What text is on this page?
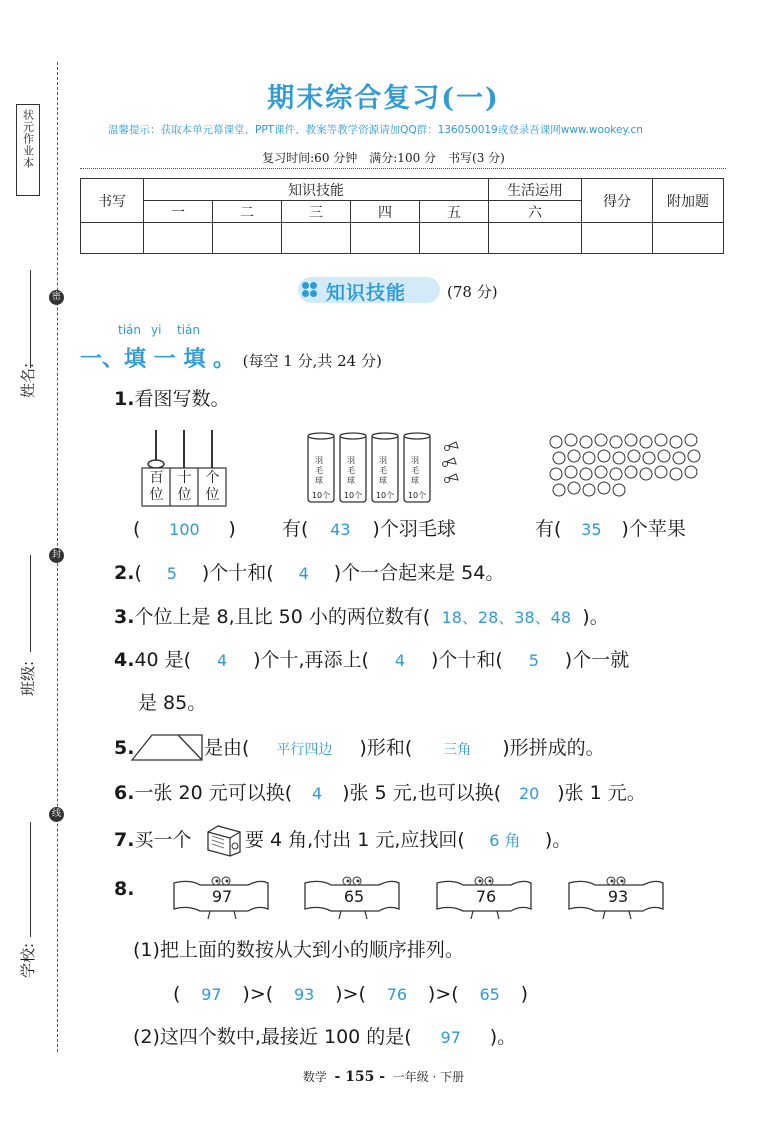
状元作业本
密
封
线
姓名:
班级:
学校:
期末综合复习(一)
温馨提示：获取本单元幕课堂、PPT课件、教案等教学资源请加QQ群：136050019或登录吾课网www.wookey.cn
复习时间:60 分钟　满分:100 分　书写(3 分)
书写	知识技能					生活运用	得分	附加题
	一	二	三	四	五	六		

知识技能	(78 分)
tián yi tián
一、填 一 填 。 (每空 1 分,共 24 分)
1.看图写数。
百位
十位
个位
羽毛球
羽毛球
羽毛球
羽毛球
10个	10个	10个	10个
( 100 ) 有( 43 )个羽毛球	有( 35 )个苹果
2.( 5 )个十和( 4 )个一合起来是 54。
3.个位上是 8,且比 50 小的两位数有( 18、28、38、48 )。
4.40 是( 4 )个十,再添上( 4 )个十和( 5 )个一就
是 85。
5.	是由( 平行四边 )形和( 三角 )形拼成的。
6.一张 20 元可以换( 4 )张 5 元,也可以换( 20 )张 1 元。
7.买一个	要 4 角,付出 1 元,应找回( 6 角 )。
8.	97	65	76	93
(1)把上面的数按从大到小的顺序排列。
( 97 )>( 93 )>( 76 )>( 65 )
(2)这四个数中,最接近 100 的是( 97 )。
数学 - 155 - 一年级 · 下册
